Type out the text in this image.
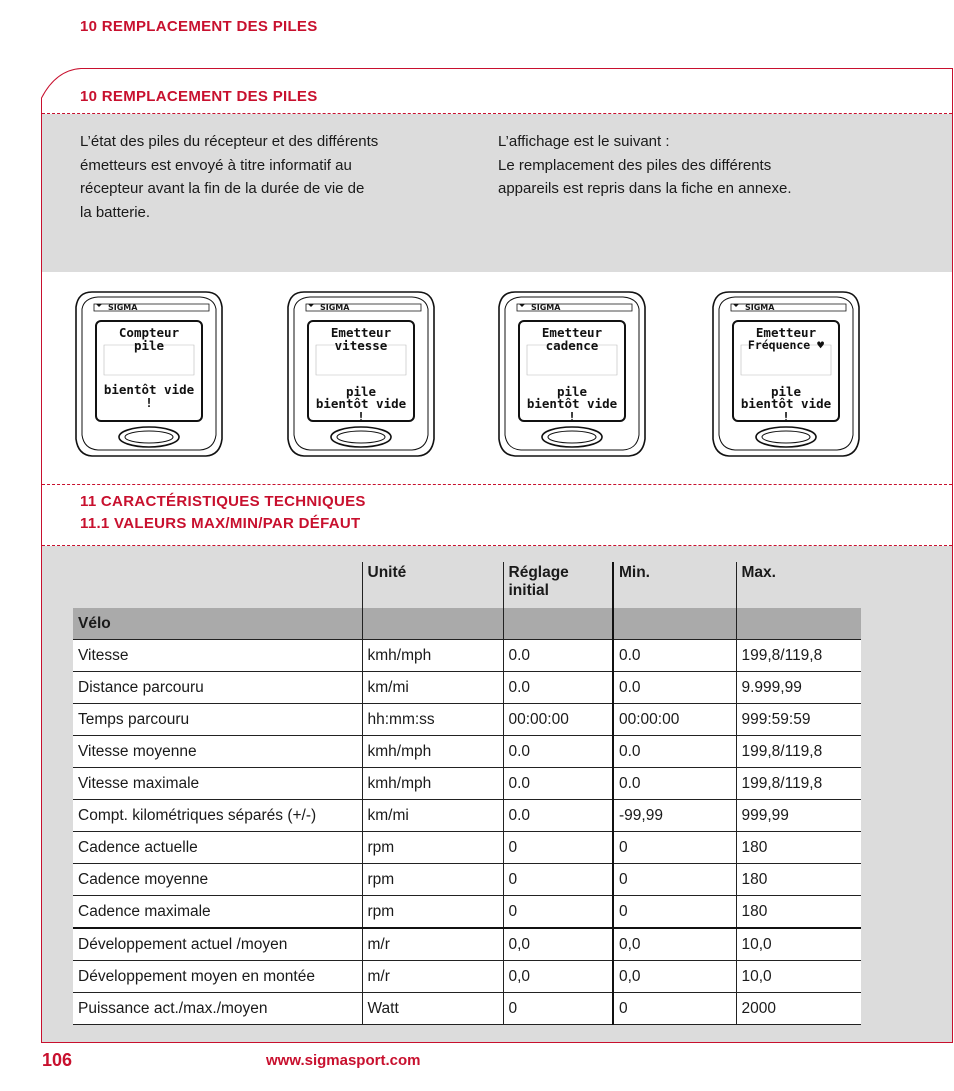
10 REMPLACEMENT DES PILES
10 REMPLACEMENT DES PILES
L’état des piles du récepteur et des différents
émetteurs est envoyé à titre informatif au
récepteur avant la fin de la durée de vie de
la batterie.
L’affichage est le suivant :
Le remplacement des piles des différents
appareils est repris dans la fiche en annexe.
SIGMA
Compteur
pile
bientôt vide !
SIGMA
Emetteur
vitesse
pile
bientôt vide !
SIGMA
Emetteur
cadence
pile
bientôt vide !
SIGMA
Emetteur
Fréquence ♥
pile
bientôt vide !
11 CARACTÉRISTIQUES TECHNIQUES
11.1 VALEURS MAX/MIN/PAR DÉFAUT
	Unité	Réglage initial	Min.	Max.
Vélo				
Vitesse	kmh/mph	0.0	0.0	199,8/119,8
Distance parcouru	km/mi	0.0	0.0	9.999,99
Temps parcouru	hh:mm:ss	00:00:00	00:00:00	999:59:59
Vitesse moyenne	kmh/mph	0.0	0.0	199,8/119,8
Vitesse maximale	kmh/mph	0.0	0.0	199,8/119,8
Compt. kilométriques séparés (+/-)	km/mi	0.0	-99,99	999,99
Cadence actuelle	rpm	0	0	180
Cadence moyenne	rpm	0	0	180
Cadence maximale	rpm	0	0	180
Développement actuel /moyen	m/r	0,0	0,0	10,0
Développement moyen en montée	m/r	0,0	0,0	10,0
Puissance act./max./moyen	Watt	0	0	2000
106	www.sigmasport.com
